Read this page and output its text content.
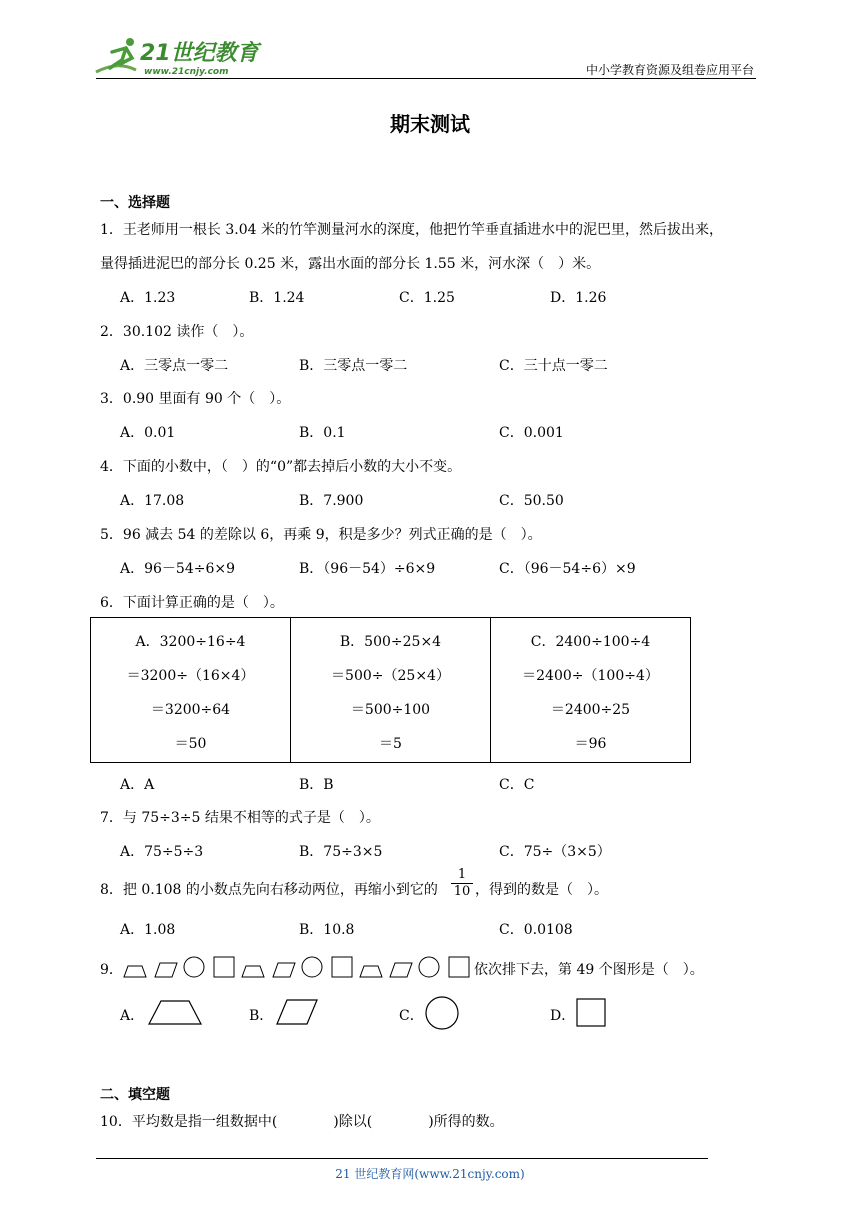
21世纪教育
www.21cnjy.com	中小学教育资源及组卷应用平台
期末测试
一、选择题
1．王老师用一根长 3.04 米的竹竿测量河水的深度，他把竹竿垂直插进水中的泥巴里，然后拔出来，
量得插进泥巴的部分长 0.25 米，露出水面的部分长 1.55 米，河水深（　）米。
A．1.23	B．1.24	C．1.25	D．1.26
2．30.102 读作（　）。
A．三零点一零二	B．三零点一零二	C．三十点一零二
3．0.90 里面有 90 个（　）。
A．0.01	B．0.1	C．0.001
4．下面的小数中，（　）的“0”都去掉后小数的大小不变。
A．17.08	B．7.900	C．50.50
5．96 减去 54 的差除以 6，再乘 9，积是多少？列式正确的是（　）。
A．96－54÷6×9	B．（96－54）÷6×9	C．（96－54÷6）×9
6．下面计算正确的是（　）。
A．3200÷16÷4
＝3200÷（16×4）
＝3200÷64
＝50

B．500÷25×4
＝500÷（25×4）
＝500÷100
＝5

C．2400÷100÷4
＝2400÷（100÷4）
＝2400÷25
＝96
A．A	B．B	C．C
7．与 75÷3÷5 结果不相等的式子是（　）。
A．75÷5÷3	B．75÷3×5	C．75÷（3×5）
8．把 0.108 的小数点先向右移动两位，再缩小到它的 $\frac{1}{10}$ ，得到的数是（　）。
A．1.08	B．10.8	C．0.0108
9．	依次排下去，第 49 个图形是（　）。
A．	B．	C．	D．
二、填空题
10．平均数是指一组数据中(　　　　)除以(　　　　)所得的数。
21 世纪教育网(www.21cnjy.com)
